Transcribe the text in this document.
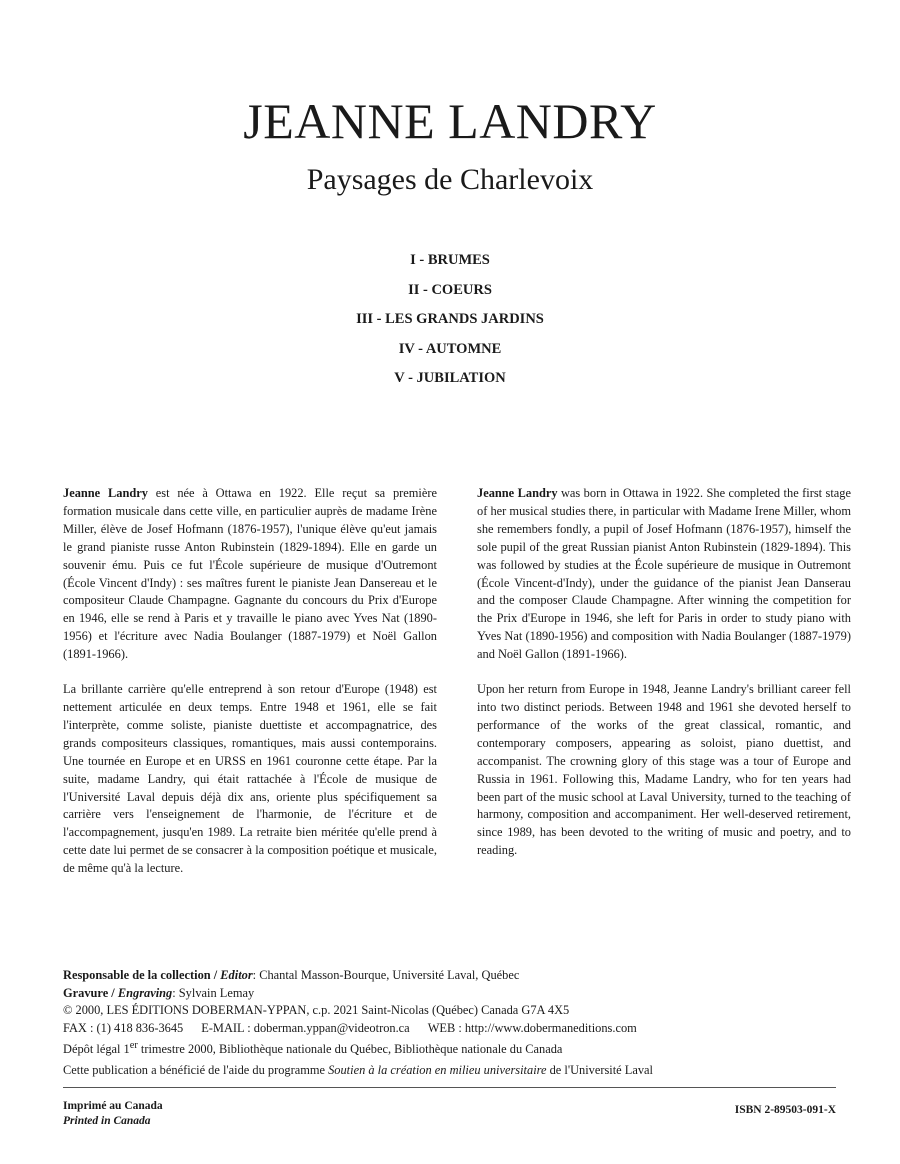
JEANNE LANDRY
Paysages de Charlevoix
I - BRUMES
II - COEURS
III - LES GRANDS JARDINS
IV - AUTOMNE
V - JUBILATION

Jeanne Landry est née à Ottawa en 1922. Elle reçut sa première formation musicale dans cette ville, en particulier auprès de madame Irène Miller, élève de Josef Hofmann (1876-1957), l'unique élève qu'eut jamais le grand pianiste russe Anton Rubinstein (1829-1894). Elle en garde un souvenir ému. Puis ce fut l'École supérieure de musique d'Outremont (École Vincent d'Indy) : ses maîtres furent le pianiste Jean Dansereau et le compositeur Claude Champagne. Gagnante du concours du Prix d'Europe en 1946, elle se rend à Paris et y travaille le piano avec Yves Nat (1890-1956) et l'écriture avec Nadia Boulanger (1887-1979) et Noël Gallon (1891-1966).

La brillante carrière qu'elle entreprend à son retour d'Europe (1948) est nettement articulée en deux temps. Entre 1948 et 1961, elle se fait l'interprète, comme soliste, pianiste duettiste et accompagnatrice, des grands compositeurs classiques, romantiques, mais aussi contemporains. Une tournée en Europe et en URSS en 1961 couronne cette étape. Par la suite, madame Landry, qui était rattachée à l'École de musique de l'Université Laval depuis déjà dix ans, oriente plus spécifiquement sa carrière vers l'enseignement de l'harmonie, de l'écriture et de l'accompagnement, jusqu'en 1989. La retraite bien méritée qu'elle prend à cette date lui permet de se consacrer à la composition poétique et musicale, de même qu'à la lecture.

Jeanne Landry was born in Ottawa in 1922. She completed the first stage of her musical studies there, in particular with Madame Irene Miller, whom she remembers fondly, a pupil of Josef Hofmann (1876-1957), himself the sole pupil of the great Russian pianist Anton Rubinstein (1829-1894). This was followed by studies at the École supérieure de musique in Outremont (École Vincent-d'Indy), under the guidance of the pianist Jean Danserau and the composer Claude Champagne. After winning the competition for the Prix d'Europe in 1946, she left for Paris in order to study piano with Yves Nat (1890-1956) and composition with Nadia Boulanger (1887-1979) and Noël Gallon (1891-1966).

Upon her return from Europe in 1948, Jeanne Landry's brilliant career fell into two distinct periods. Between 1948 and 1961 she devoted herself to performance of the works of the great classical, romantic, and contemporary composers, appearing as soloist, piano duettist, and accompanist. The crowning glory of this stage was a tour of Europe and Russia in 1961. Following this, Madame Landry, who for ten years had been part of the music school at Laval University, turned to the teaching of harmony, composition and accompaniment. Her well-deserved retirement, since 1989, has been devoted to the writing of music and poetry, and to reading.

Responsable de la collection / Editor: Chantal Masson-Bourque, Université Laval, Québec
Gravure / Engraving: Sylvain Lemay
© 2000, LES ÉDITIONS DOBERMAN-YPPAN, c.p. 2021 Saint-Nicolas (Québec) Canada G7A 4X5
FAX : (1) 418 836-3645 E-MAIL : doberman.yppan@videotron.ca WEB : http://www.dobermaneditions.com
Dépôt légal 1er trimestre 2000, Bibliothèque nationale du Québec, Bibliothèque nationale du Canada
Cette publication a bénéficié de l'aide du programme Soutien à la création en milieu universitaire de l'Université Laval
Imprimé au Canada
Printed in Canada
ISBN 2-89503-091-X
